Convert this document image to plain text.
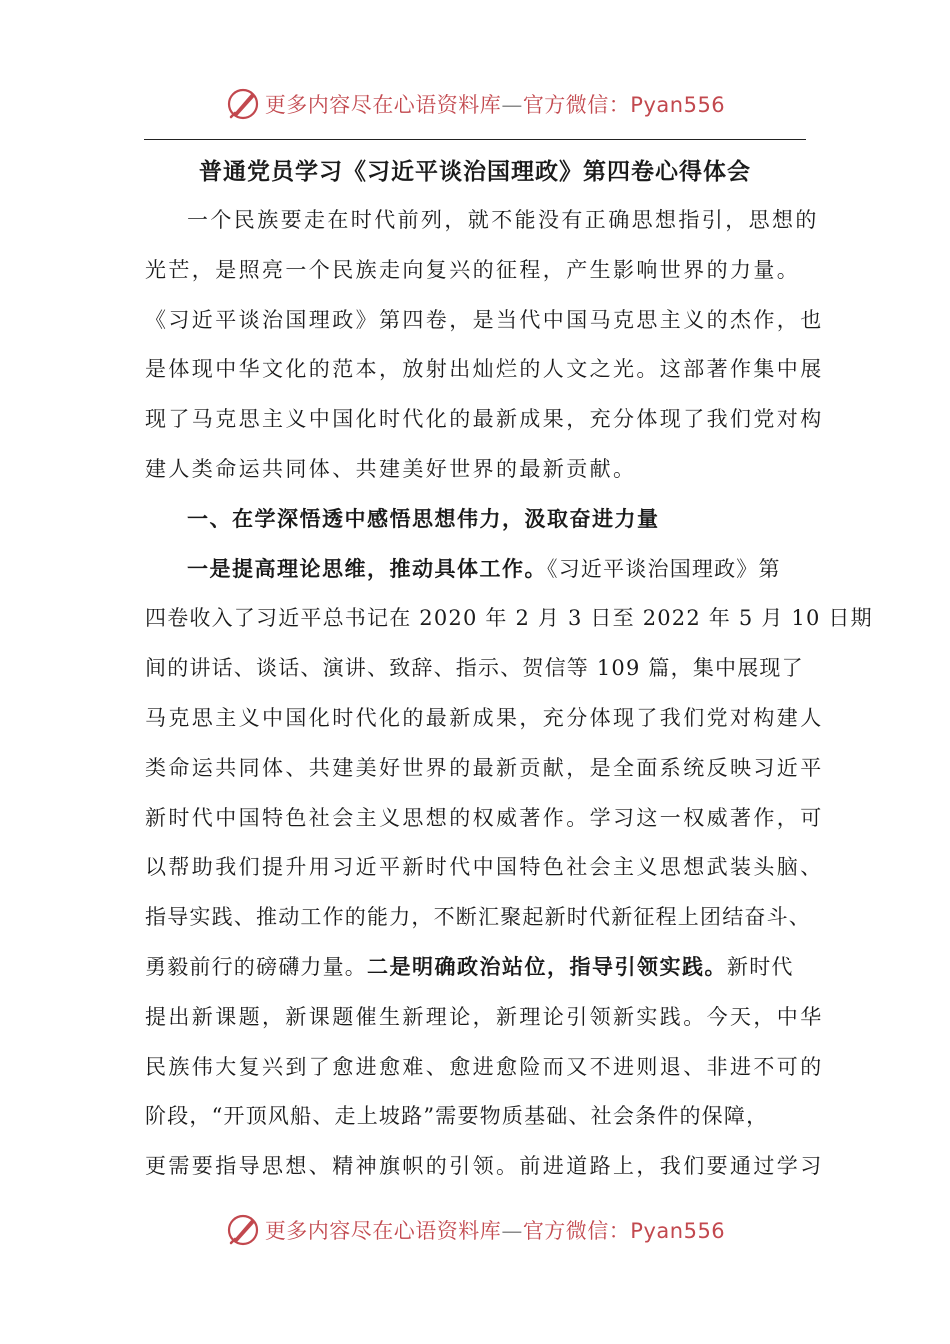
更多内容尽在心语资料库—官方微信：Pyan556
普通党员学习《习近平谈治国理政》第四卷心得体会
一个民族要走在时代前列，就不能没有正确思想指引，思想的
光芒，是照亮一个民族走向复兴的征程，产生影响世界的力量。
《习近平谈治国理政》第四卷，是当代中国马克思主义的杰作，也
是体现中华文化的范本，放射出灿烂的人文之光。这部著作集中展
现了马克思主义中国化时代化的最新成果，充分体现了我们党对构
建人类命运共同体、共建美好世界的最新贡献。
一、在学深悟透中感悟思想伟力，汲取奋进力量
一是提高理论思维，推动具体工作。《习近平谈治国理政》第
四卷收入了习近平总书记在 2020 年 2 月 3 日至 2022 年 5 月 10 日期
间的讲话、谈话、演讲、致辞、指示、贺信等 109 篇，集中展现了
马克思主义中国化时代化的最新成果，充分体现了我们党对构建人
类命运共同体、共建美好世界的最新贡献，是全面系统反映习近平
新时代中国特色社会主义思想的权威著作。学习这一权威著作，可
以帮助我们提升用习近平新时代中国特色社会主义思想武装头脑、
指导实践、推动工作的能力，不断汇聚起新时代新征程上团结奋斗、
勇毅前行的磅礴力量。二是明确政治站位，指导引领实践。新时代
提出新课题，新课题催生新理论，新理论引领新实践。今天，中华
民族伟大复兴到了愈进愈难、愈进愈险而又不进则退、非进不可的
阶段，“开顶风船、走上坡路”需要物质基础、社会条件的保障，
更需要指导思想、精神旗帜的引领。前进道路上，我们要通过学习
更多内容尽在心语资料库—官方微信：Pyan556
